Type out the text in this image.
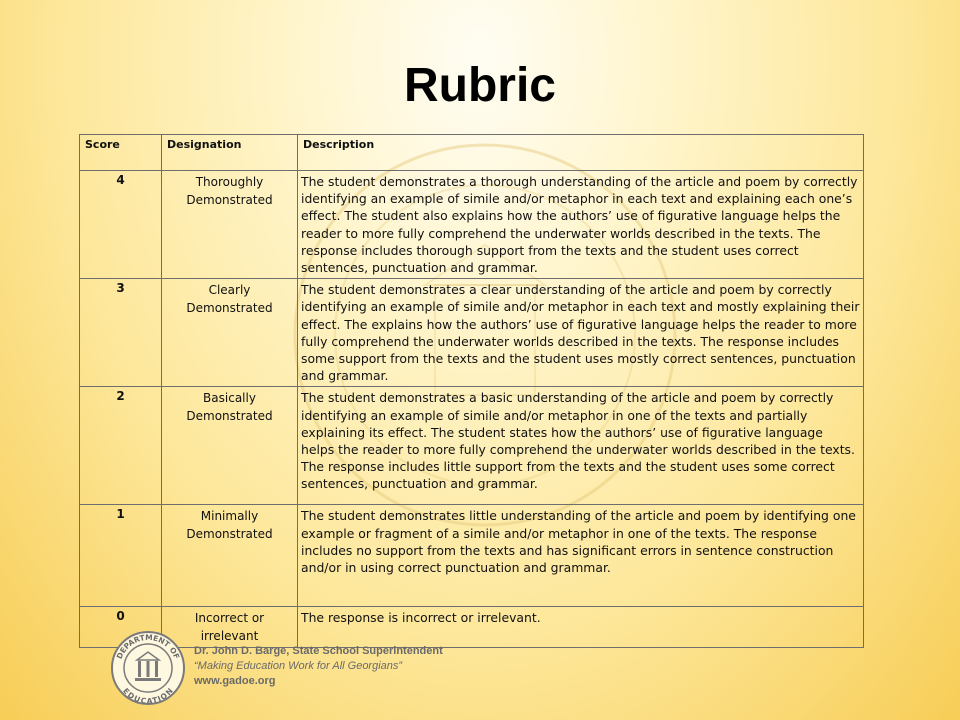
Rubric
Score	Designation	Description
4	Thoroughly Demonstrated	The student demonstrates a thorough understanding of the article and poem by correctly identifying an example of simile and/or metaphor in each text and explaining each one’s effect. The student also explains how the authors’ use of figurative language helps the reader to more fully comprehend the underwater worlds described in the texts. The response includes thorough support from the texts and the student uses correct sentences, punctuation and grammar.
3	Clearly Demonstrated	The student demonstrates a clear understanding of the article and poem by correctly identifying an example of simile and/or metaphor in each text and mostly explaining their effect. The explains how the authors’ use of figurative language helps the reader to more fully comprehend the underwater worlds described in the texts. The response includes some support from the texts and the student uses mostly correct sentences, punctuation and grammar.
2	Basically Demonstrated	The student demonstrates a basic understanding of the article and poem by correctly identifying an example of simile and/or metaphor in one of the texts and partially explaining its effect. The student states how the authors’ use of figurative language helps the reader to more fully comprehend the underwater worlds described in the texts. The response includes little support from the texts and the student uses some correct sentences, punctuation and grammar.
1	Minimally Demonstrated	The student demonstrates little understanding of the article and poem by identifying one example or fragment of a simile and/or metaphor in one of the texts. The response includes no support from the texts and has significant errors in sentence construction and/or in using correct punctuation and grammar.
0	Incorrect or irrelevant	The response is incorrect or irrelevant.
DEPARTMENT OF
EDUCATION
Dr. John D. Barge, State School Superintendent
“Making Education Work for All Georgians”
www.gadoe.org
